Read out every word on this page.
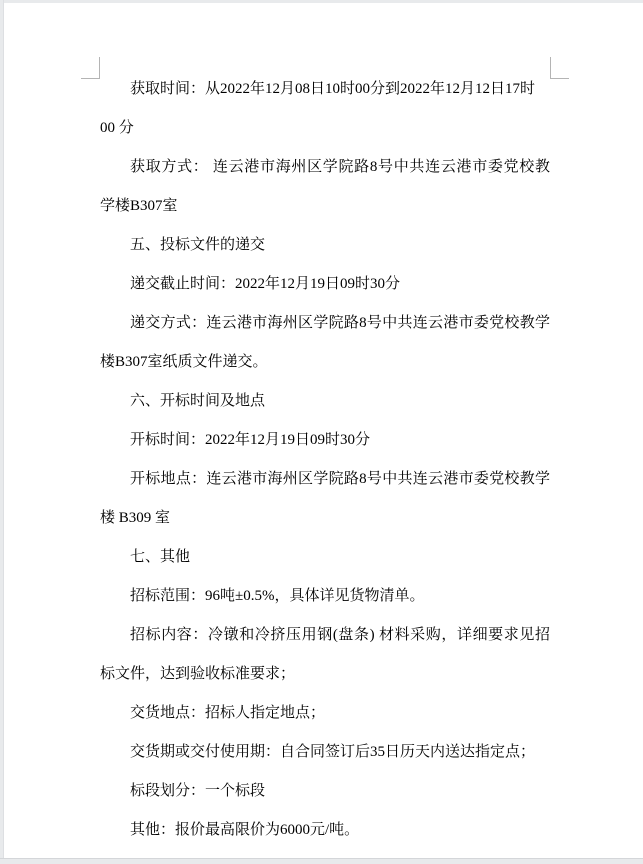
获取时间：从2022年12月08日10时00分到2022年12月12日17时
00 分
获取方式： 连云港市海州区学院路8号中共连云港市委党校教
学楼B307室
五、投标文件的递交
递交截止时间：2022年12月19日09时30分
递交方式：连云港市海州区学院路8号中共连云港市委党校教学
楼B307室纸质文件递交。
六、开标时间及地点
开标时间：2022年12月19日09时30分
开标地点：连云港市海州区学院路8号中共连云港市委党校教学
楼 B309 室
七、其他
招标范围：96吨±0.5%，具体详见货物清单。
招标内容：冷镦和冷挤压用钢(盘条) 材料采购，详细要求见招
标文件，达到验收标准要求；
交货地点：招标人指定地点；
交货期或交付使用期：自合同签订后35日历天内送达指定点；
标段划分：一个标段
其他：报价最高限价为6000元/吨。
